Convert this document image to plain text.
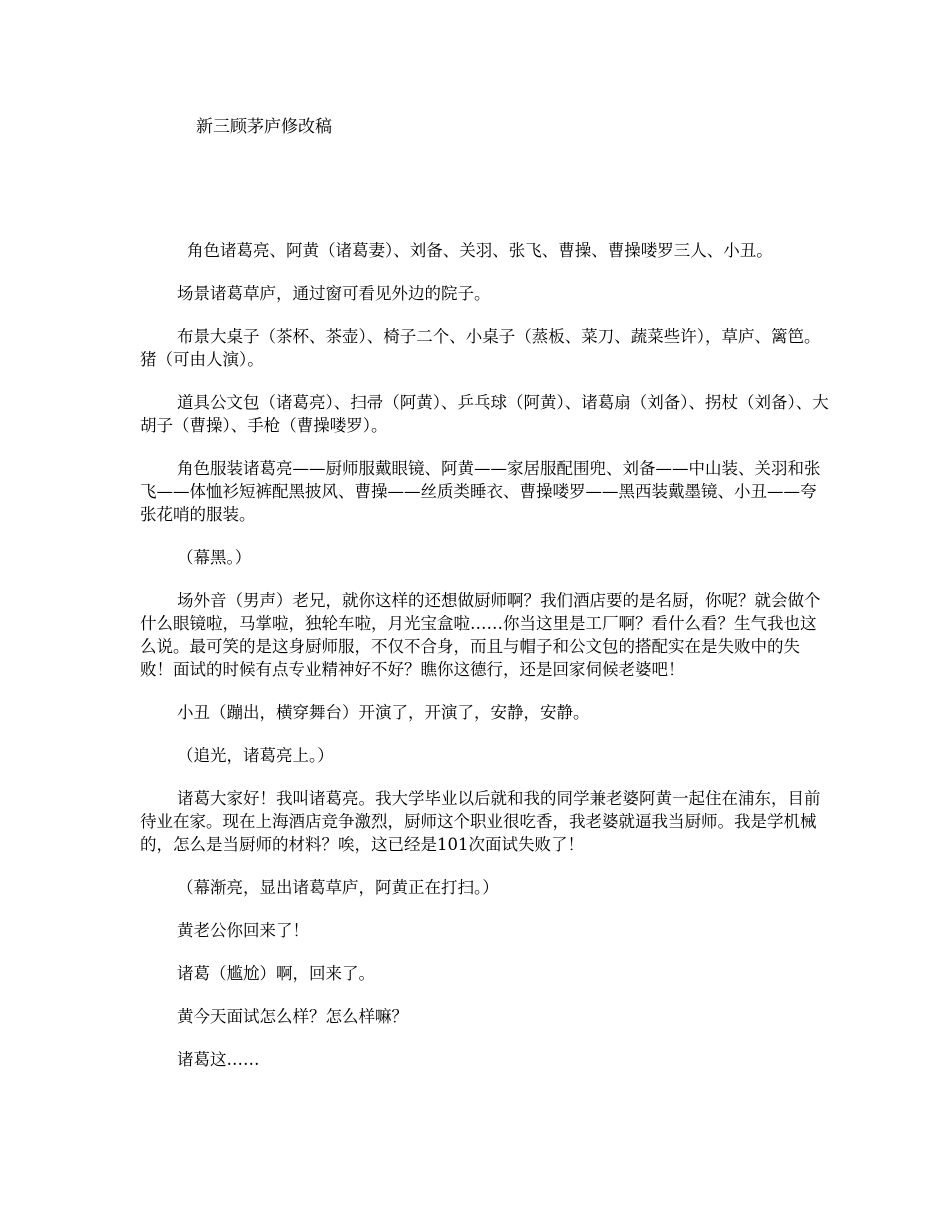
新三顾茅庐修改稿

角色诸葛亮、阿黄（诸葛妻）、刘备、关羽、张飞、曹操、曹操喽罗三人、小丑。

场景诸葛草庐，通过窗可看见外边的院子。

布景大桌子（茶杯、茶壶）、椅子二个、小桌子（蒸板、菜刀、蔬菜些许），草庐、篱笆。猪（可由人演）。

道具公文包（诸葛亮）、扫帚（阿黄）、乒乓球（阿黄）、诸葛扇（刘备）、拐杖（刘备）、大胡子（曹操）、手枪（曹操喽罗）。

角色服装诸葛亮——厨师服戴眼镜、阿黄——家居服配围兜、刘备——中山装、关羽和张飞——体恤衫短裤配黑披风、曹操——丝质类睡衣、曹操喽罗——黑西装戴墨镜、小丑——夸张花哨的服装。

（幕黑。）

场外音（男声）老兄，就你这样的还想做厨师啊？我们酒店要的是名厨，你呢？就会做个什么眼镜啦，马掌啦，独轮车啦，月光宝盒啦……你当这里是工厂啊？看什么看？生气我也这么说。最可笑的是这身厨师服，不仅不合身，而且与帽子和公文包的搭配实在是失败中的失败！面试的时候有点专业精神好不好？瞧你这德行，还是回家伺候老婆吧！

小丑（蹦出，横穿舞台）开演了，开演了，安静，安静。

（追光，诸葛亮上。）

诸葛大家好！我叫诸葛亮。我大学毕业以后就和我的同学兼老婆阿黄一起住在浦东，目前待业在家。现在上海酒店竞争激烈，厨师这个职业很吃香，我老婆就逼我当厨师。我是学机械的，怎么是当厨师的材料？唉，这已经是101次面试失败了！

（幕渐亮，显出诸葛草庐，阿黄正在打扫。）

黄老公你回来了！

诸葛（尴尬）啊，回来了。

黄今天面试怎么样？怎么样嘛？

诸葛这……
